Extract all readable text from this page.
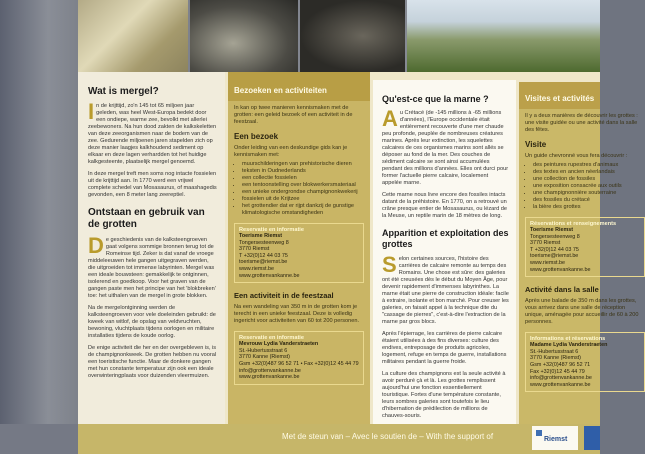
Wat is mergel?

In de krijttijd, zo'n 145 tot 65 miljoen jaar geleden, was heel West-Europa bedekt door een ondiepe, warme zee, bevolkt met allerlei zeebewoners. Na hun dood zakten de kalkskeletten van deze zeeorganismen naar de bodem van de zee. Gedurende miljoenen jaren stapelden zich op deze manier laagjes kalkhoudend sediment op elkaar en deze lagen verhardden tot het huidige kalkgesteente, plaatselijk mergel genoemd.

In deze mergel treft men soms nog intacte fossielen uit de krijttijd aan. In 1770 werd een vrijwel complete schedel van Mosasaurus, of maashagedis gevonden, een 8 meter lang zeereptiel.

Ontstaan en gebruik van de grotten

De geschiedenis van de kalksteengroeven gaat volgens sommige bronnen terug tot de Romeinse tijd. Zeker is dat vanaf de vroege middeleeuwen hele gangen uitgegraven werden, die uitgroeiden tot immense labyrinten. Mergel was een ideale bouwsteen: gemakkelijk te ontginnen, isolerend en goedkoop. Voor het graven van de gangen paste men het principe van het 'blokbreken' toe: het uithalen van de mergel in grote blokken.

Na de mergelontginning werden de kalksteengroeven voor vele doeleinden gebruikt: de kweek van witlof, de opslag van veldvruchten, bewoning, vluchtplaats tijdens oorlogen en militaire installaties tijdens de koude oorlog.

De enige activiteit die her en der overgebleven is, is de champignonkweek. De grotten hebben nu vooral een toeristische functie. Maar de donkere gangen met hun constante temperatuur zijn ook een ideale overwinteringplaats voor duizenden vleermuizen.

Bezoeken en activiteiten

In kan op twee manieren kennismaken met de grotten: een geleid bezoek of een activiteit in de feestzaal.

Een bezoek

Onder leiding van een deskundige gids kan je kennismaken met:

• muurschilderingen van prehistorische dieren
• teksten in Oudnederlands
• een collectie fossielen
• een tentoonstelling over blokwerkersmateriaal
• een unieke ondergrondse champignonkwekerij
• fossielen uit de Krijtzee
• het grottendier dat er rijpt dankzij de gunstige klimatologische omstandigheden
Reservatie en informatie

Toerisme Riemst

Tongersesteenweg 8

3770 Riemst

T +32(0)12 44 03 75

toerisme@riemst.be

www.riemst.be

www.grottenvankanne.be

Een activiteit in de feestzaal

Na een wandeling van 350 m in de grotten kom je terecht in een unieke feestzaal. Deze is volledig ingericht voor activiteiten van 60 tot 200 personen.

Reservatie en informatie

Mevrouw Lydia Vanderstraeten

St.-Hubertusstraat 6

3770 Kanne (Riemst)

Gsm +32(0)487 96 52 71 • Fax +32(0)12 45 44 79

info@grottenvankanne.be

www.grottenvankanne.be

Qu'est-ce que la marne ?

Au Crétacé (de -145 millions à -65 millions d'années), l'Europe occidentale était entièrement recouverte d'une mer chaude peu profonde, peuplée de nombreuses créatures marines. Après leur extinction, les squelettes calcaires de ces organismes marins sont allés se déposer au fond de la mer. Des couches de sédiment calcaire se sont ainsi accumulées pendant des millions d'années. Elles ont durci pour former l'actuelle pierre calcaire, localement appelée marne.

Cette marne nous livre encore des fossiles intacts datant de la préhistoire. En 1770, on a retrouvé un crâne presque entier de Mosasaurus, ou lézard de la Meuse, un reptile marin de 18 mètres de long.

Apparition et exploitation des grottes

Selon certaines sources, l'histoire des carrières de calcaire remonte au temps des Romains. Une chose est sûre: des galeries ont été creusées dès le début du Moyen Âge, pour devenir rapidement d'immenses labyrinthes. La marne était une pierre de construction idéale: facile à extraire, isolante et bon marché. Pour creuser les galeries, on faisait appel à la technique dite du "cassage de pierres", c'est-à-dire l'extraction de la marne par gros blocs.

Après l'épierrage, les carrières de pierre calcaire étaient utilisées à des fins diverses: culture des endives, entreposage de produits agricoles, logement, refuge en temps de guerre, installations militaires pendant la guerre froide.

La culture des champignons est la seule activité à avoir perduré çà et là. Les grottes remplissent aujourd'hui une fonction essentiellement touristique. Fortes d'une température constante, leurs sombres galeries sont toutefois le lieu d'hibernation de prédilection de millions de chauves-souris.

Visites et activités

Il y a deux manières de découvrir les grottes : une visite guidée ou une activité dans la salle des fêtes.

Visite

Un guide chevronné vous fera découvrir :

• des peintures rupestres d'animaux
• des textes en ancien néerlandais
• une collection de fossiles
• une exposition consacrée aux outils
• une champignonnière souterraine
• des fossiles du crétacé
• la bière des grottes
Réservations et renseignements

Toerisme Riemst

Tongersesteenweg 8

3770 Riemst

T +32(0)12 44 03 75

toerisme@riemst.be

www.riemst.be

www.grottenvankanne.be

Activité dans la salle

Après une balade de 350 m dans les grottes, vous arrivez dans une salle de réception unique, aménagée pour accueillir de 60 à 200 personnes.

Informations et réservations

Madame Lydia Vanderstraeten

St.-Hubertusstraat 6

3770 Kanne (Riemst)

Gsm +32(0)487 96 52 71

Fax +32(0)12 45 44 79

info@grottenvankanne.be

www.grottenvankanne.be

Met de steun van – Avec le soutien de – With the support of	Riemst
